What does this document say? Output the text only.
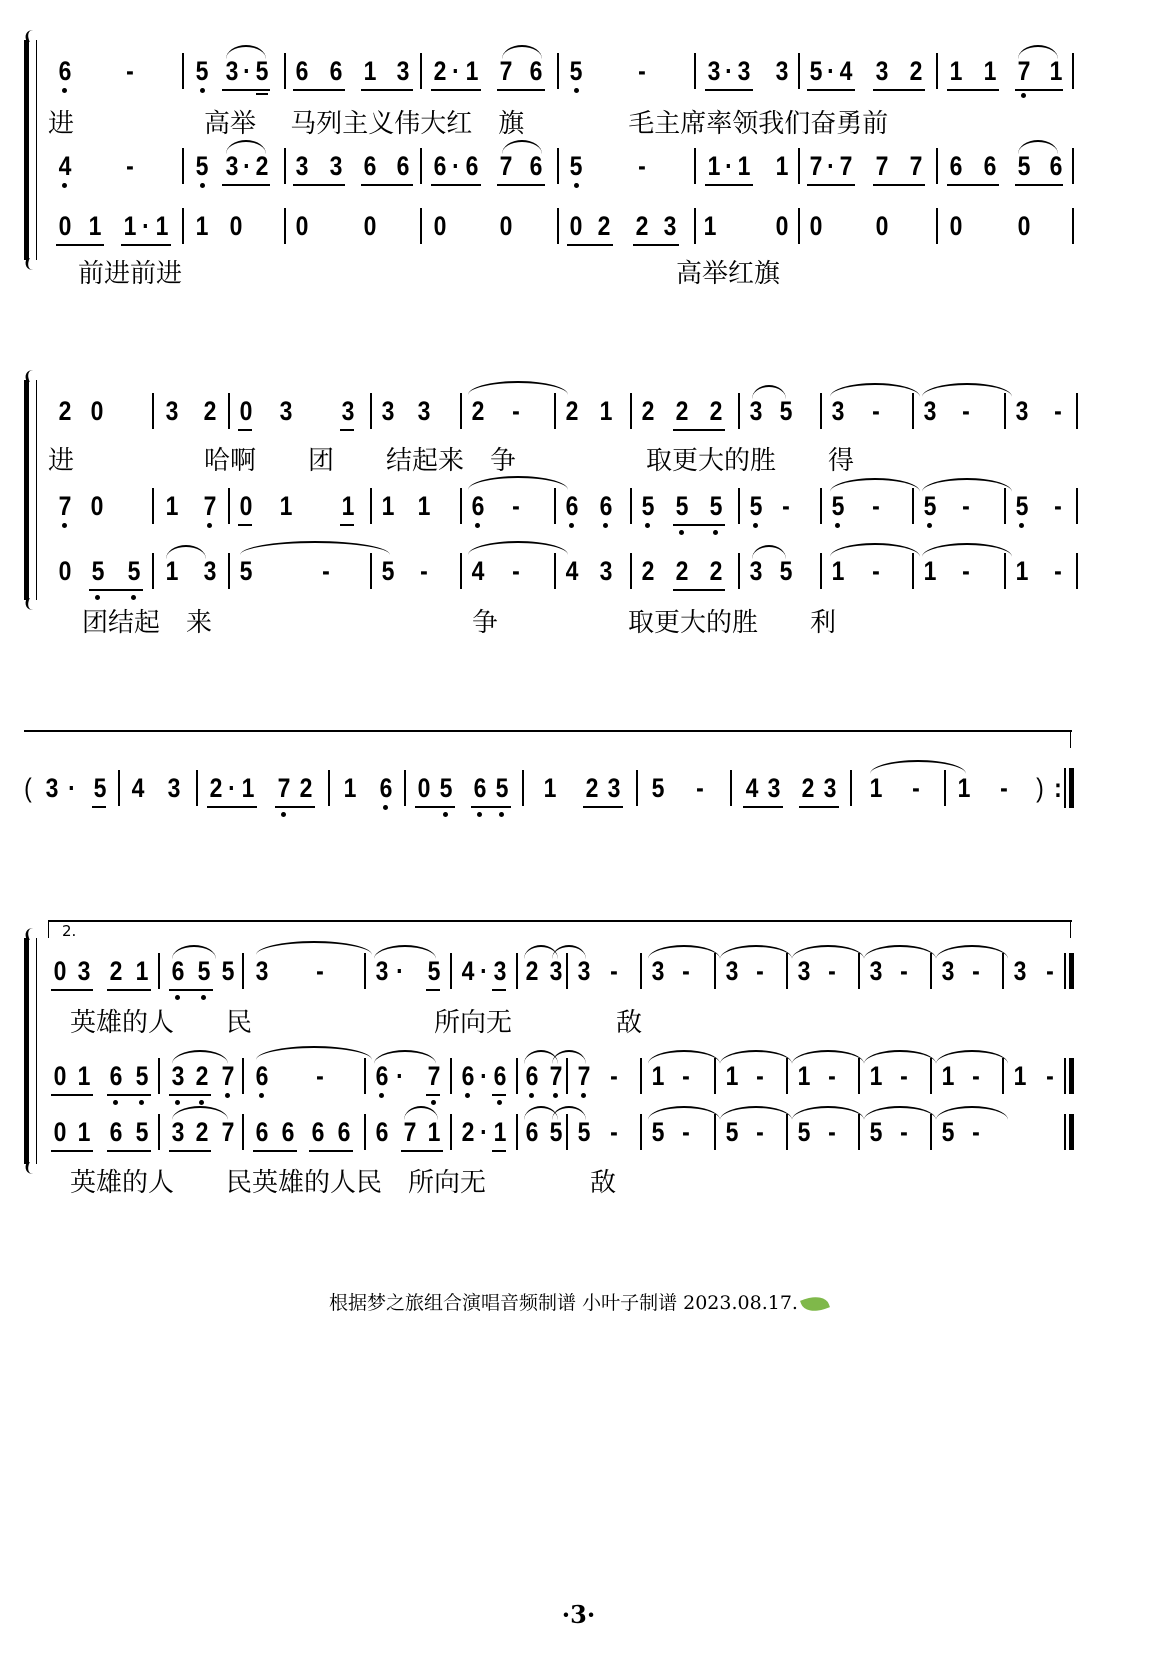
6 - 5 3 · 5 6 6 1 3 2 · 1 7 6 5 - 3 · 3 3 5 · 4 3 2 1 1 7 1
进　　　　　高举　 马列主义伟大红　旗　　　　毛主席率领我们奋勇前
4 - 5 3 · 2 3 3 6 6 6 · 6 7 6 5 - 1 · 1 1 7 · 7 7 7 6 6 5 6
0 1 1 · 1 1 0 0 0 0 0 0 2 2 3 1 0 0 0 0 0
前进前进　　　　　　　　　　　　　　　　　　　高举红旗
2 0 3 2 0 3 3 3 3 2 - 2 1 2 2 2 3 5 3 - 3 - 3 -
进　　　　　哈啊　　团　　结起来　争　　　　　取更大的胜　　得
7 0 1 7 0 1 1 1 1 6 - 6 6 5 5 5 5 - 5 - 5 - 5 -
0 5 5 1 3 5	- 5 - 4 - 4 3 2 2 2 3 5 1 - 1 - 1 -
团结起　来　　　　　　　　　　争　　　　　取更大的胜　　利
( 3 · 5 4 3 2 · 1 7 2 1 6 0 5 6 5 1 2 3 5 - 4 3 2 3 1 - 1 - ) :
2.
0 3 2 1 6 5 5 3 - 3 · 5 4 · 3 2 3 3 - 3 - 3 - 3 - 3 - 3 - 3 -
英雄的人　　民　　　　　　　所向无　　　　敌
0 1 6 5 3 2 7 6 - 6 · 7 6 · 6 6 7 7 - 1 - 1 - 1 - 1 - 1 - 1 -
0 1 6 5 3 2 7 6 6 6 6 6 7 1 2 · 1 6 5 5 - 5 - 5 - 5 - 5 - 5 -
英雄的人　　民英雄的人民　所向无　　　　敌
根据梦之旅组合演唱音频制谱 小叶子制谱 2023.08.17.
·3·
